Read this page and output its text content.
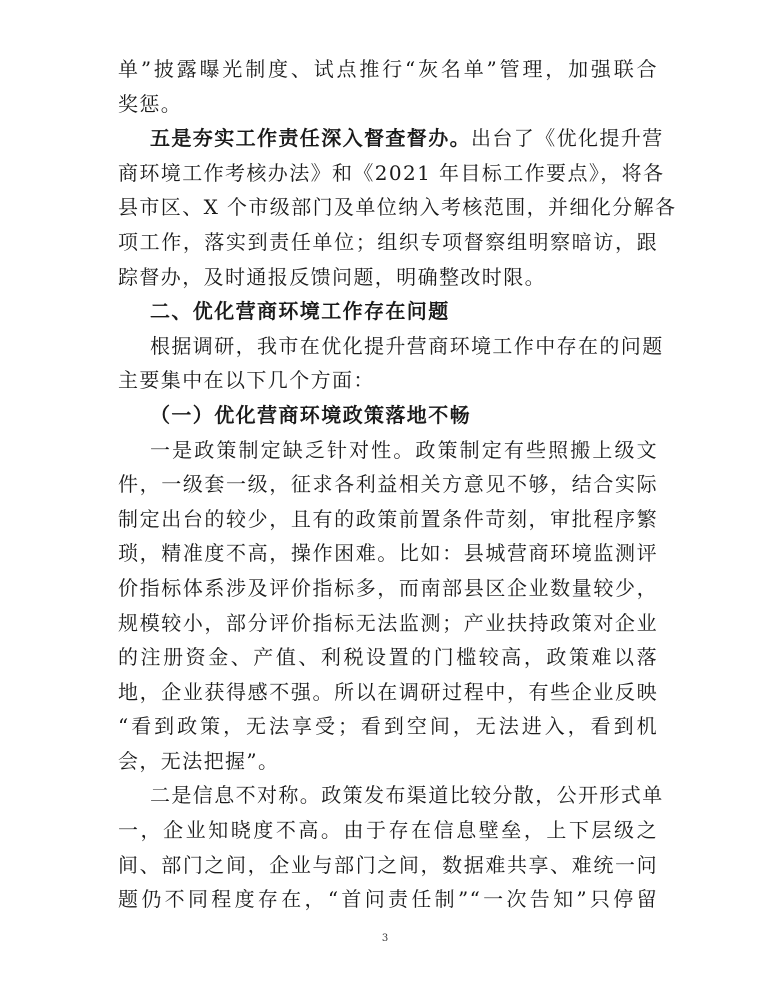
单”披露曝光制度、试点推行“灰名单”管理，加强联合
奖惩。
五是夯实工作责任深入督查督办。出台了《优化提升营
商环境工作考核办法》和《2021 年目标工作要点》，将各
县市区、X 个市级部门及单位纳入考核范围，并细化分解各
项工作，落实到责任单位；组织专项督察组明察暗访，跟
踪督办，及时通报反馈问题，明确整改时限。
二、优化营商环境工作存在问题
根据调研，我市在优化提升营商环境工作中存在的问题
主要集中在以下几个方面：
（一）优化营商环境政策落地不畅
一是政策制定缺乏针对性。政策制定有些照搬上级文
件，一级套一级，征求各利益相关方意见不够，结合实际
制定出台的较少，且有的政策前置条件苛刻，审批程序繁
琐，精准度不高，操作困难。比如：县城营商环境监测评
价指标体系涉及评价指标多，而南部县区企业数量较少，
规模较小，部分评价指标无法监测；产业扶持政策对企业
的注册资金、产值、利税设置的门槛较高，政策难以落
地，企业获得感不强。所以在调研过程中，有些企业反映
“看到政策，无法享受；看到空间，无法进入，看到机
会，无法把握”。
二是信息不对称。政策发布渠道比较分散，公开形式单
一，企业知晓度不高。由于存在信息壁垒，上下层级之
间、部门之间，企业与部门之间，数据难共享、难统一问
题仍不同程度存在，“首问责任制”“一次告知”只停留
3
